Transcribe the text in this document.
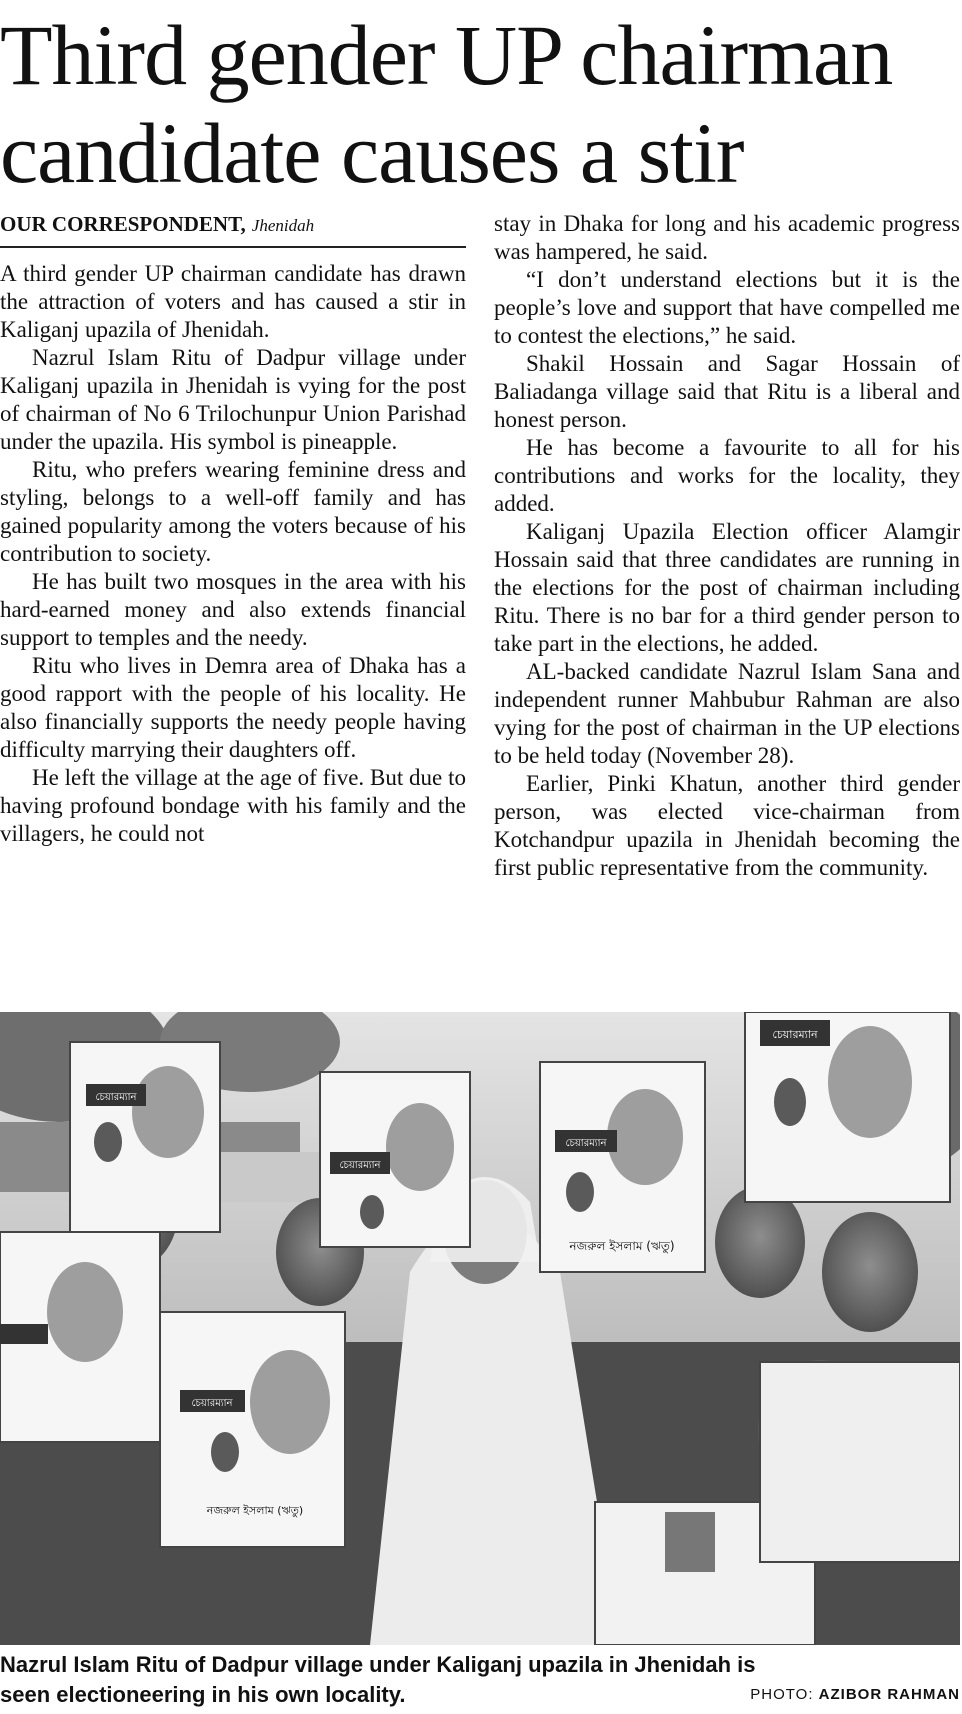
Third gender UP chairman candidate causes a stir
OUR CORRESPONDENT, Jhenidah

A third gender UP chairman candidate has drawn the attraction of voters and has caused a stir in Kaliganj upazila of Jhenidah.

Nazrul Islam Ritu of Dadpur village under Kaliganj upazila in Jhenidah is vying for the post of chairman of No 6 Trilochunpur Union Parishad under the upazila. His symbol is pineapple.

Ritu, who prefers wearing feminine dress and styling, belongs to a well-off family and has gained popularity among the voters because of his contribution to society.

He has built two mosques in the area with his hard-earned money and also extends financial support to temples and the needy.

Ritu who lives in Demra area of Dhaka has a good rapport with the people of his locality. He also financially supports the needy people having difficulty marrying their daughters off.

He left the village at the age of five. But due to having profound bondage with his family and the villagers, he could not

stay in Dhaka for long and his academic progress was hampered, he said.

“I don’t understand elections but it is the people’s love and support that have compelled me to contest the elections,” he said.

Shakil Hossain and Sagar Hossain of Baliadanga village said that Ritu is a liberal and honest person.

He has become a favourite to all for his contributions and works for the locality, they added.

Kaliganj Upazila Election officer Alamgir Hossain said that three candidates are running in the elections for the post of chairman including Ritu. There is no bar for a third gender person to take part in the elections, he added.

AL-backed candidate Nazrul Islam Sana and independent runner Mahbubur Rahman are also vying for the post of chairman in the UP elections to be held today (November 28).

Earlier, Pinki Khatun, another third gender person, was elected vice-chairman from Kotchandpur upazila in Jhenidah becoming the first public representative from the community.

চেয়ারম্যান
চেয়ারম্যান
চেয়ারম্যান
নজরুল ইসলাম (ঋতু)
চেয়ারম্যান
চেয়ারম্যান
নজরুল ইসলাম (ঋতু)
Nazrul Islam Ritu of Dadpur village under Kaliganj upazila in Jhenidah is seen electioneering in his own locality.	PHOTO: AZIBOR RAHMAN
